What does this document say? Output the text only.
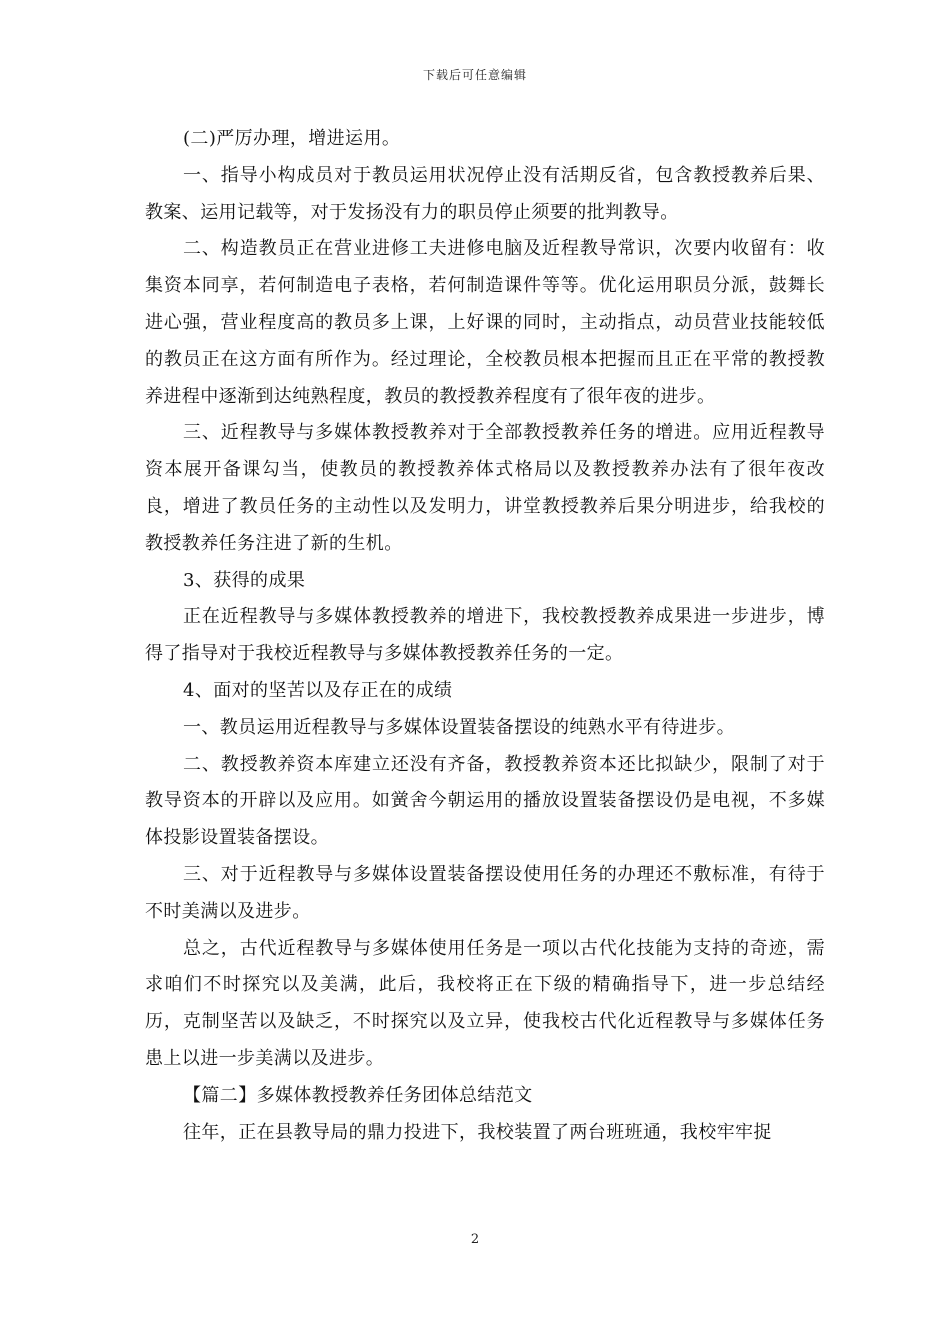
下载后可任意编辑

(二)严厉办理，增进运用。

一、指导小构成员对于教员运用状况停止没有活期反省，包含教授教养后果、教案、运用记载等，对于发扬没有力的职员停止须要的批判教导。

二、构造教员正在营业进修工夫进修电脑及近程教导常识，次要内收留有：收集资本同享，若何制造电子表格，若何制造课件等等。优化运用职员分派，鼓舞长进心强，营业程度高的教员多上课，上好课的同时，主动指点，动员营业技能较低的教员正在这方面有所作为。经过理论，全校教员根本把握而且正在平常的教授教养进程中逐渐到达纯熟程度，教员的教授教养程度有了很年夜的进步。

三、近程教导与多媒体教授教养对于全部教授教养任务的增进。应用近程教导资本展开备课勾当，使教员的教授教养体式格局以及教授教养办法有了很年夜改良，增进了教员任务的主动性以及发明力，讲堂教授教养后果分明进步，给我校的教授教养任务注进了新的生机。

3、获得的成果

正在近程教导与多媒体教授教养的增进下，我校教授教养成果进一步进步，博得了指导对于我校近程教导与多媒体教授教养任务的一定。

4、面对的坚苦以及存正在的成绩

一、教员运用近程教导与多媒体设置装备摆设的纯熟水平有待进步。

二、教授教养资本库建立还没有齐备，教授教养资本还比拟缺少，限制了对于教导资本的开辟以及应用。如黉舍今朝运用的播放设置装备摆设仍是电视，不多媒体投影设置装备摆设。

三、对于近程教导与多媒体设置装备摆设使用任务的办理还不敷标准，有待于不时美满以及进步。

总之，古代近程教导与多媒体使用任务是一项以古代化技能为支持的奇迹，需求咱们不时探究以及美满，此后，我校将正在下级的精确指导下，进一步总结经历，克制坚苦以及缺乏，不时探究以及立异，使我校古代化近程教导与多媒体任务患上以进一步美满以及进步。

【篇二】多媒体教授教养任务团体总结范文

往年，正在县教导局的鼎力投进下，我校装置了两台班班通，我校牢牢捉

2
